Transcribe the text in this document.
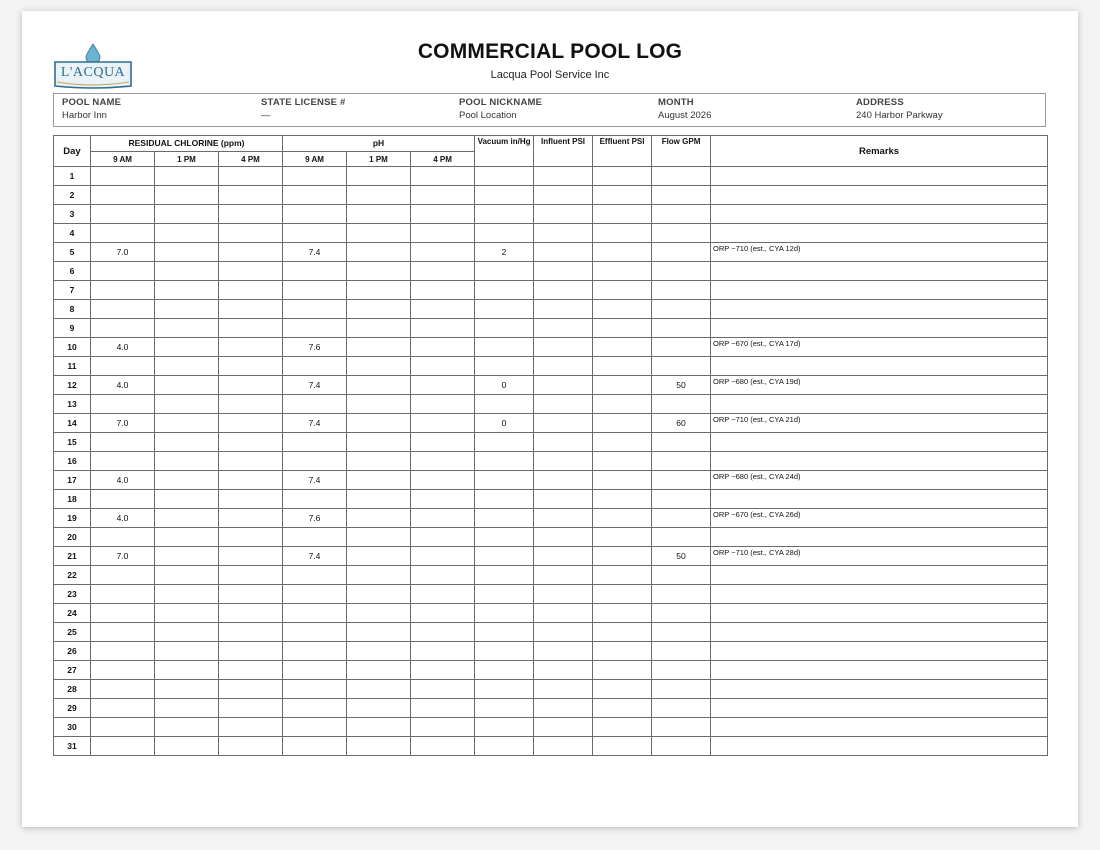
L'ACQUA
COMMERCIAL POOL LOG
Lacqua Pool Service Inc
POOL NAME
Harbor Inn
STATE LICENSE #
—
POOL NICKNAME
Pool Location
MONTH
August 2026
ADDRESS
240 Harbor Parkway
Day	RESIDUAL CHLORINE (ppm)			pH			Vacuum in/Hg	Influent PSI	Effluent PSI	Flow GPM	Remarks
	9 AM	1 PM	4 PM	9 AM	1 PM	4 PM					
1											
2											
3											
4											
5	7.0			7.4			2				ORP ~710 (est., CYA 12d)
6											
7											
8											
9											
10	4.0			7.6							ORP ~670 (est., CYA 17d)
11											
12	4.0			7.4			0			50	ORP ~680 (est., CYA 19d)
13											
14	7.0			7.4			0			60	ORP ~710 (est., CYA 21d)
15											
16											
17	4.0			7.4							ORP ~680 (est., CYA 24d)
18											
19	4.0			7.6							ORP ~670 (est., CYA 26d)
20											
21	7.0			7.4						50	ORP ~710 (est., CYA 28d)
22											
23											
24											
25											
26											
27											
28											
29											
30											
31											
